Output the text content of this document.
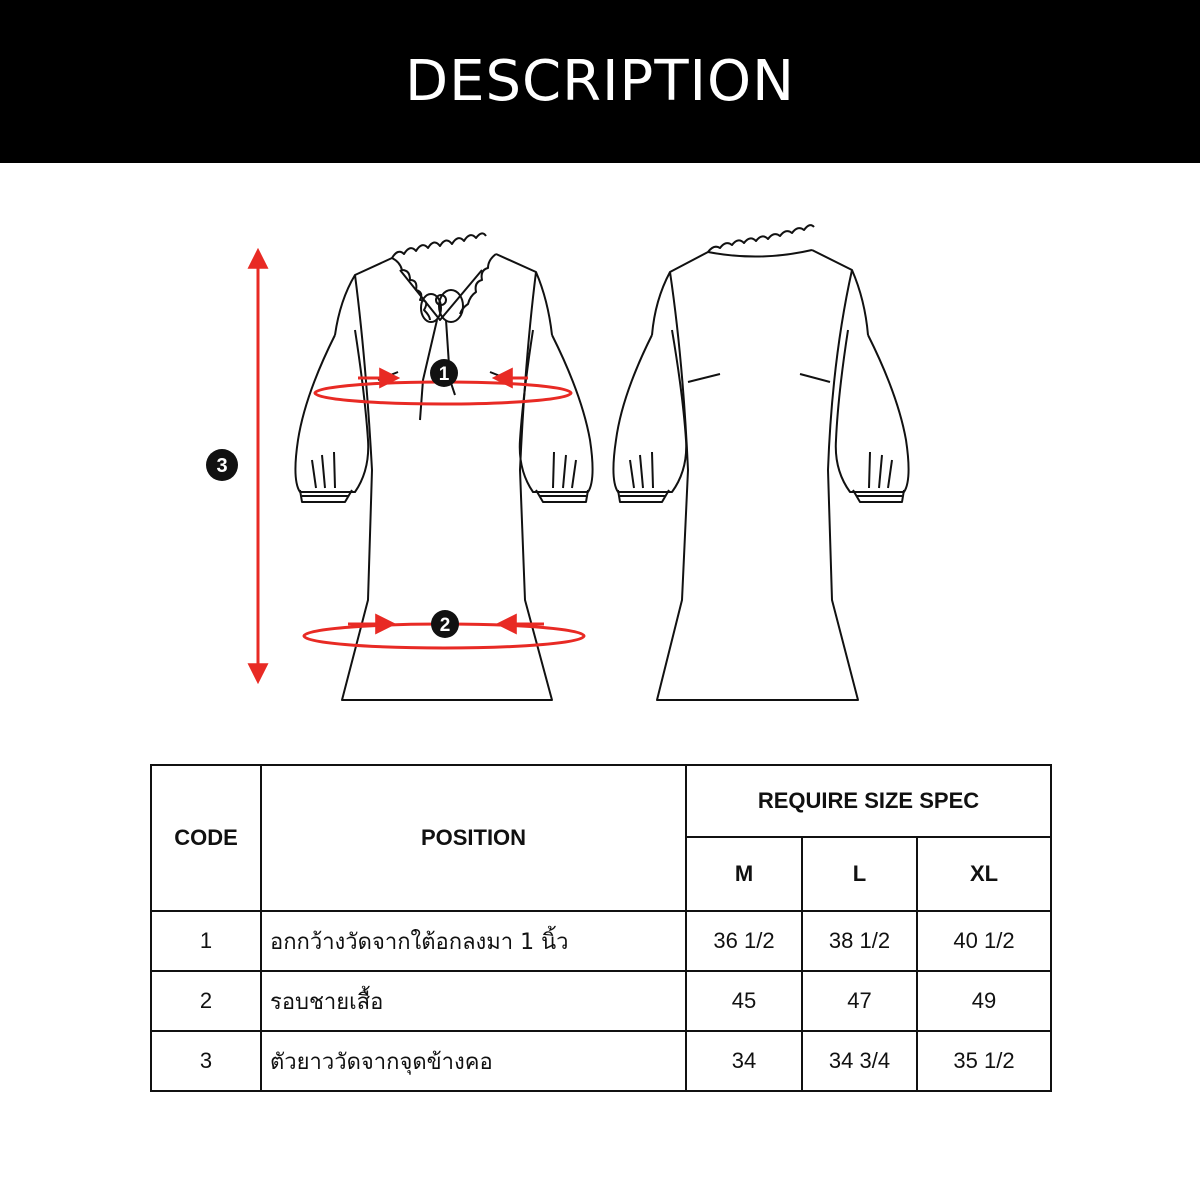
DESCRIPTION
1
2
3
CODE	POSITION	REQUIRE SIZE SPEC		
		M	L	XL
1	อกกว้างวัดจากใต้อกลงมา 1 นิ้ว	36 1/2	38 1/2	40 1/2
2	รอบชายเสื้อ	45	47	49
3	ตัวยาววัดจากจุดข้างคอ	34	34 3/4	35 1/2
